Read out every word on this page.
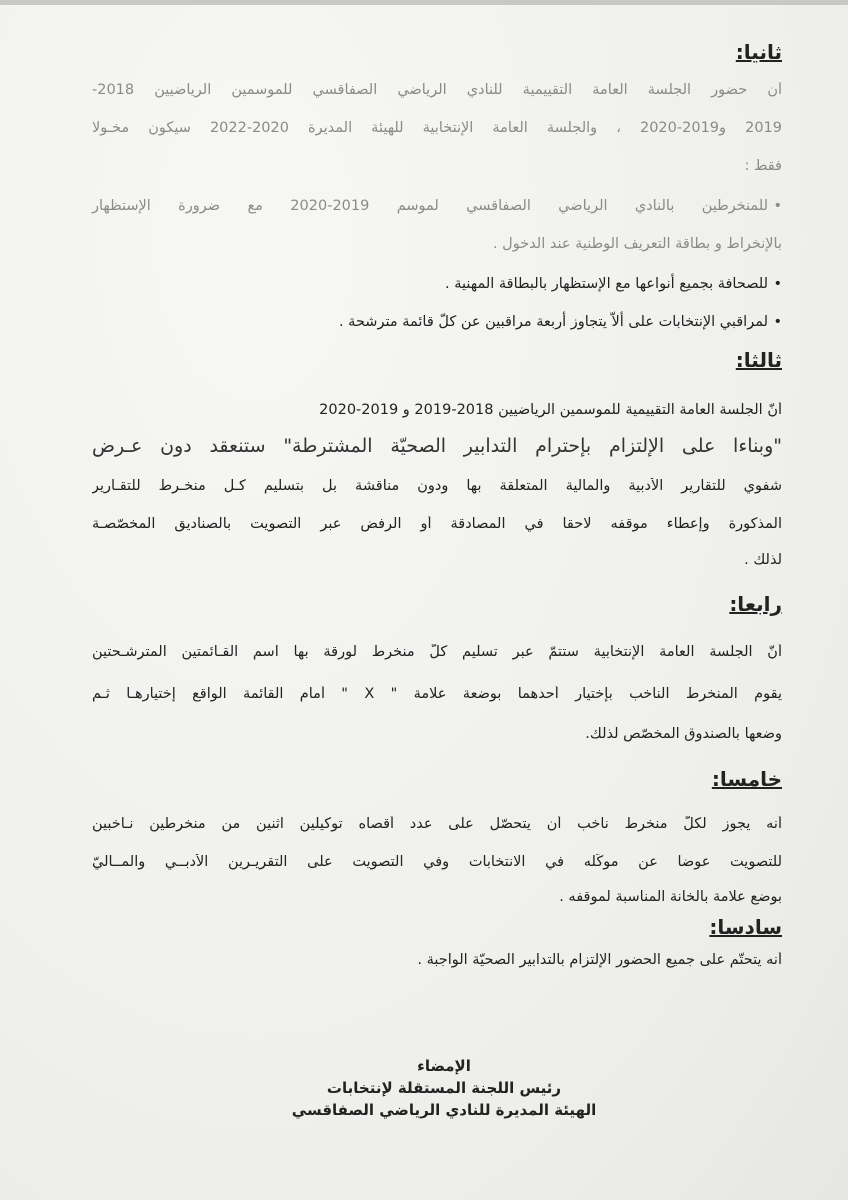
ثانيا:

أن حضور الجلسة العامة التقييمية للنادي الرياضي الصفاقسي للموسمين الرياضيين 2018-

2019 و2019-2020 ، والجلسة العامة الإنتخابية للهيئة المديرة 2020-2022 سيكون مخـولا

فقط :

•
للمنخرطين بالنادي الرياضي الصفاقسي لموسم 2019-2020 مع ضرورة الإستظهار

بالإنخراط و بطاقة التعريف الوطنية عند الدخول .

•
للصحافة بجميع أنواعها مع الإستظهار بالبطاقة المهنية .

•
لمراقبي الإنتخابات على ألاّ يتجاوز أربعة مراقبين عن كلّ قائمة مترشحة .

ثالثا:

أنّ الجلسة العامة التقييمية للموسمين الرياضيين 2018-2019 و 2019-2020

"وبناءا على الإلتزام بإحترام التدابير الصحيّة المشترطة" ستنعقد دون عـرض

شفوي للتقارير الأدبية والمالية المتعلقة بها ودون مناقشة بل بتسليم كـل منخـرط للتقـارير

المذكورة وإعطاء موقفه لاحقا في المصادقة أو الرفض عبر التصويت بالصناديق المخصّصـة

لذلك .

رابعا:

أنّ الجلسة العامة الإنتخابية ستتمّ عبر تسليم كلّ منخرط لورقة بها اسم القـائمتين المترشـحتين

يقوم المنخرط الناخب بإختيار أحدهما بوضعة علامة " X " أمام القائمة الواقع إختيارهـا ثـم

وضعها بالصندوق المخصّص لذلك.

خامسا:

أنه يجوز لكلّ منخرط ناخب أن يتحصّل على عدد أقصاه توكيلين اثنين من منخرطين نـاخبين

للتصويت عوضا عن موكّله في الانتخابات وفي التصويت على التقريـرين الأدبــي والمــاليّ

بوضع علامة بالخانة المناسبة لموقفه .

سادسا:

أنه يتحتّم على جميع الحضور الإلتزام بالتدابير الصحيّة الواجبة .

الإمضاء
رئيس اللجنة المستقلة لإنتخابات
الهيئة المديرة للنادي الرياضي الصفاقسي
